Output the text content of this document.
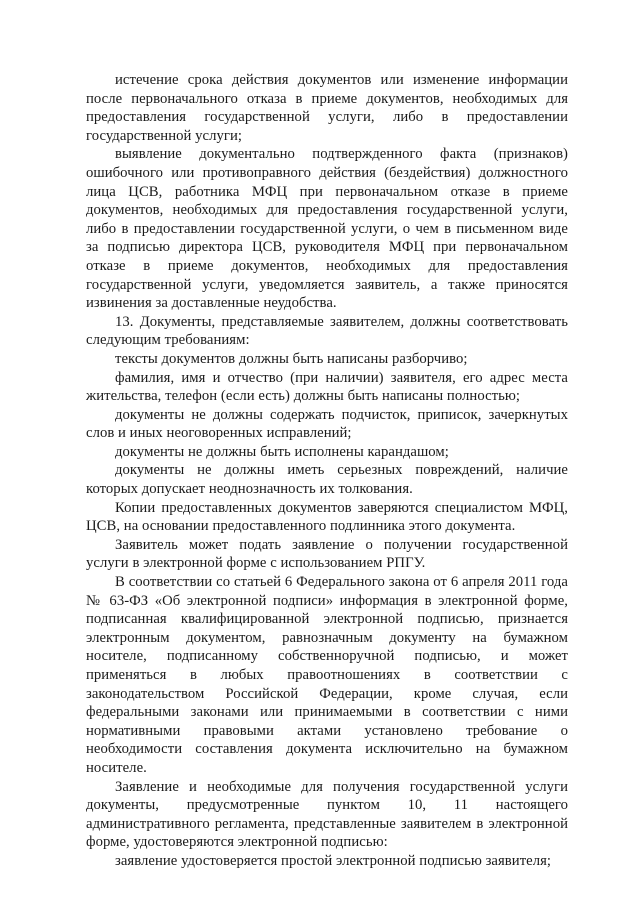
истечение срока действия документов или изменение информации после первоначального отказа в приеме документов, необходимых для предоставления государственной услуги, либо в предоставлении государственной услуги;

выявление документально подтвержденного факта (признаков) ошибочного или противоправного действия (бездействия) должностного лица ЦСВ, работника МФЦ при первоначальном отказе в приеме документов, необходимых для предоставления государственной услуги, либо в предоставлении государственной услуги, о чем в письменном виде за подписью директора ЦСВ, руководителя МФЦ при первоначальном отказе в приеме документов, необходимых для предоставления государственной услуги, уведомляется заявитель, а также приносятся извинения за доставленные неудобства.

13. Документы, представляемые заявителем, должны соответствовать следующим требованиям:

тексты документов должны быть написаны разборчиво;

фамилия, имя и отчество (при наличии) заявителя, его адрес места жительства, телефон (если есть) должны быть написаны полностью;

документы не должны содержать подчисток, приписок, зачеркнутых слов и иных неоговоренных исправлений;

документы не должны быть исполнены карандашом;

документы не должны иметь серьезных повреждений, наличие которых допускает неоднозначность их толкования.

Копии предоставленных документов заверяются специалистом МФЦ, ЦСВ, на основании предоставленного подлинника этого документа.

Заявитель может подать заявление о получении государственной услуги в электронной форме с использованием РПГУ.

В соответствии со статьей 6 Федерального закона от 6 апреля 2011 года № 63-ФЗ «Об электронной подписи» информация в электронной форме, подписанная квалифицированной электронной подписью, признается электронным документом, равнозначным документу на бумажном носителе, подписанному собственноручной подписью, и может применяться в любых правоотношениях в соответствии с законодательством Российской Федерации, кроме случая, если федеральными законами или принимаемыми в соответствии с ними нормативными правовыми актами установлено требование о необходимости составления документа исключительно на бумажном носителе.

Заявление и необходимые для получения государственной услуги документы, предусмотренные пунктом 10, 11 настоящего административного регламента, представленные заявителем в электронной форме, удостоверяются электронной подписью:

заявление удостоверяется простой электронной подписью заявителя;
